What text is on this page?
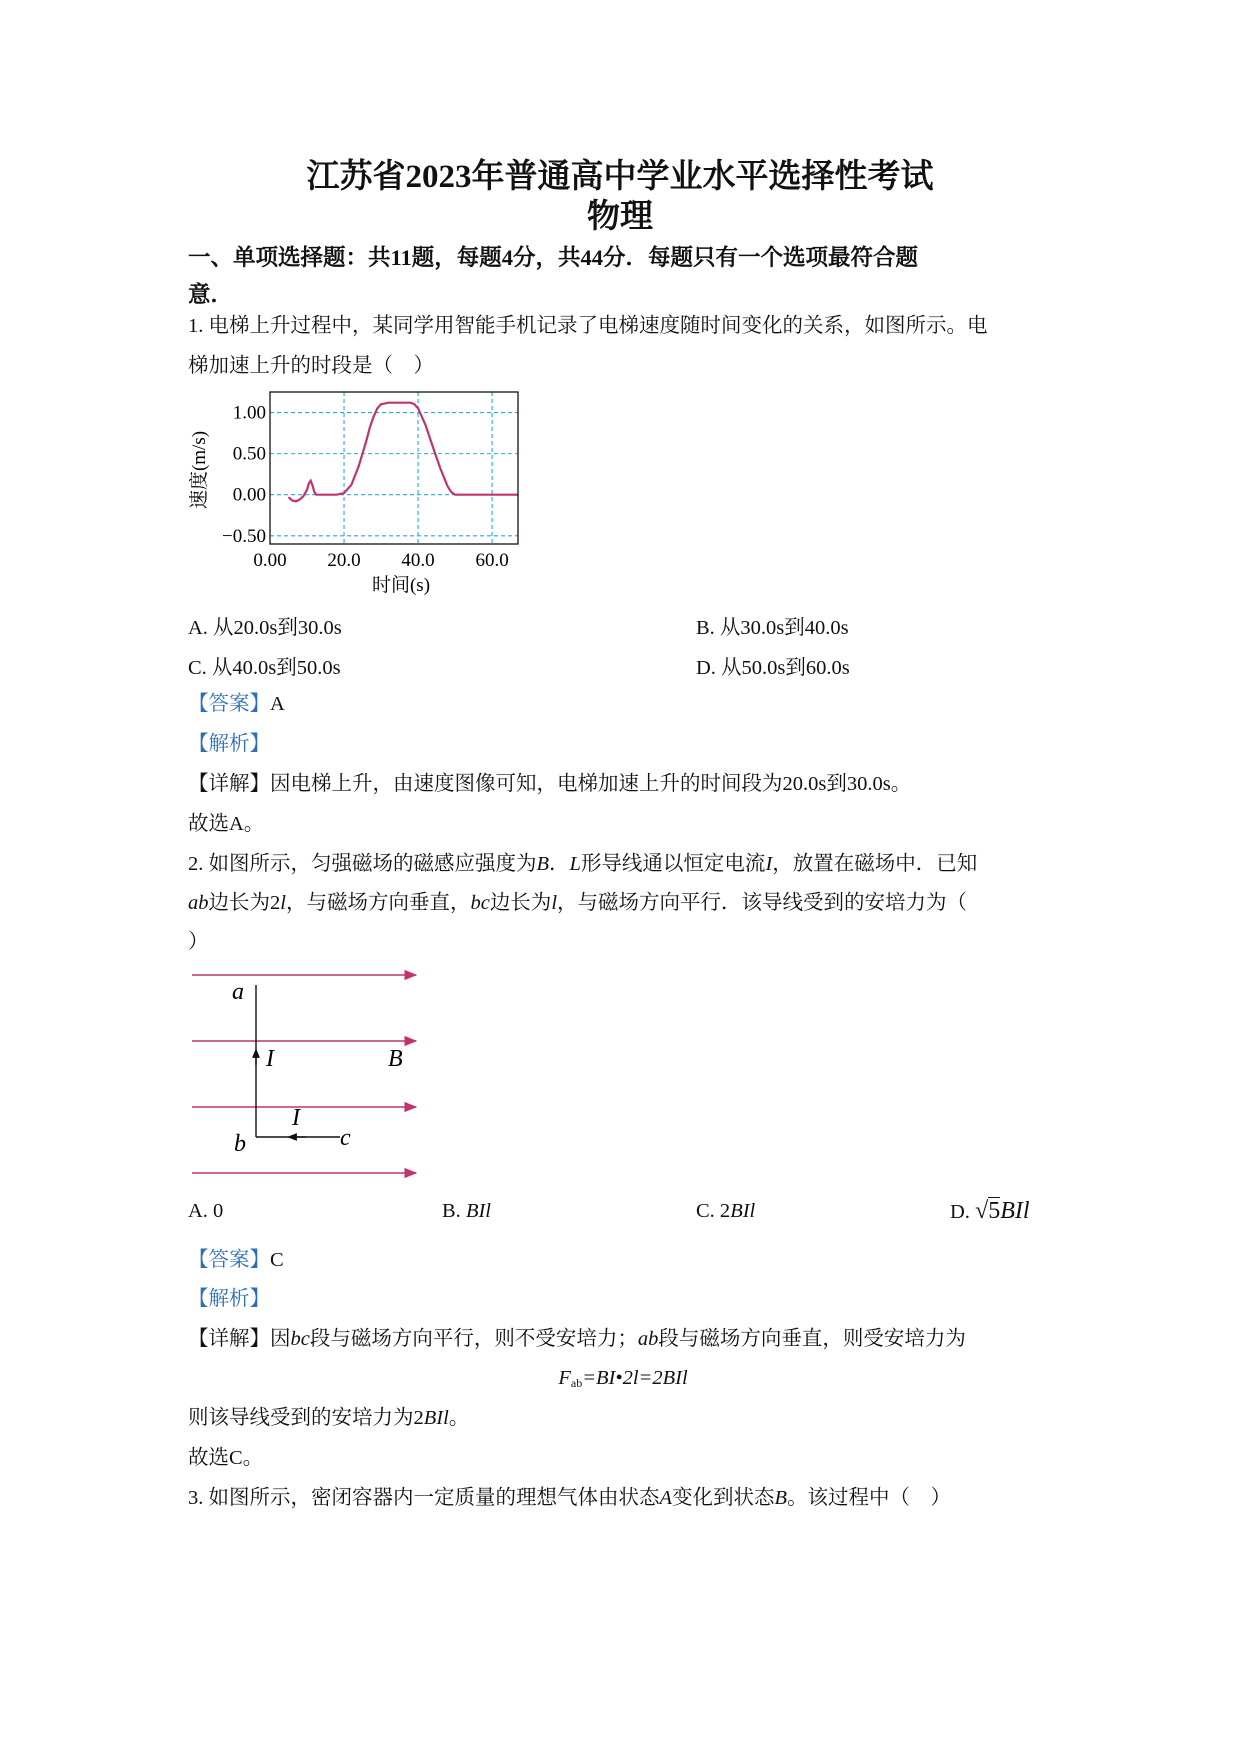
江苏省2023年普通高中学业水平选择性考试
物理
一、单项选择题：共11题，每题4分，共44分．每题只有一个选项最符合题
意．
1. 电梯上升过程中，某同学用智能手机记录了电梯速度随时间变化的关系，如图所示。电
梯加速上升的时段是（　）
0.00 20.0 40.0 60.0
1.00
0.50
0.00
−0.50
速度(m/s)
时间(s)
A. 从20.0s到30.0s	B. 从30.0s到40.0s
C. 从40.0s到50.0s	D. 从50.0s到60.0s
【答案】A
【解析】
【详解】因电梯上升，由速度图像可知，电梯加速上升的时间段为20.0s到30.0s。
故选A。
2. 如图所示，匀强磁场的磁感应强度为B．L形导线通以恒定电流I，放置在磁场中．已知
ab边长为2l，与磁场方向垂直，bc边长为l，与磁场方向平行．该导线受到的安培力为（
）
a
I	B
I
b	c
A. 0	B. BIl	C. 2BIl	D. √5BIl
【答案】C
【解析】
【详解】因bc段与磁场方向平行，则不受安培力；ab段与磁场方向垂直，则受安培力为
$F_{ab}=BI•2l=2BIl$
则该导线受到的安培力为2BIl。
故选C。
3. 如图所示，密闭容器内一定质量的理想气体由状态A变化到状态B。该过程中（　）
